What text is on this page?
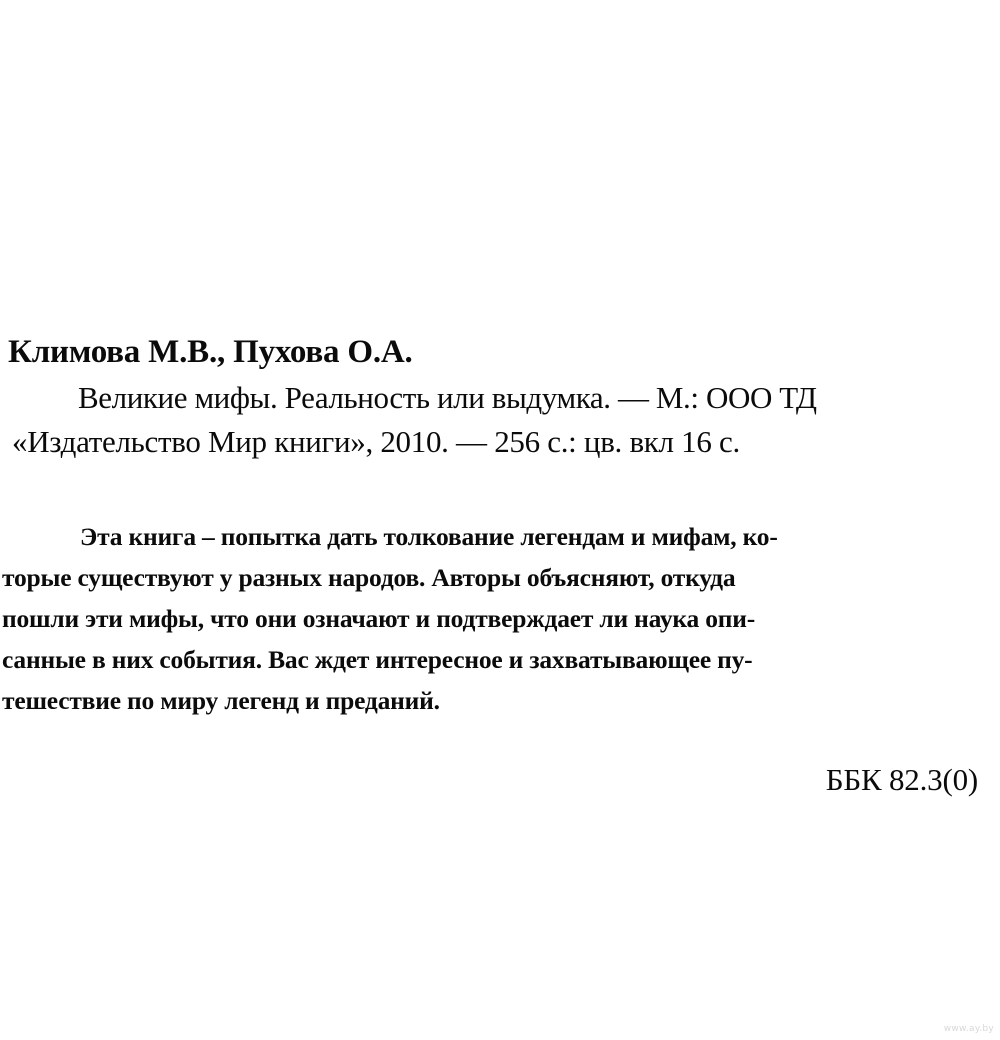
Климова М.В., Пухова О.А.
Великие мифы. Реальность или выдумка. — М.: ООО ТД
«Издательство Мир книги», 2010. — 256 с.: цв. вкл 16 с.
Эта книга – попытка дать толкование легендам и мифам, ко-
торые существуют у разных народов. Авторы объясняют, откуда
пошли эти мифы, что они означают и подтверждает ли наука опи-
санные в них события. Вас ждет интересное и захватывающее пу-
тешествие по миру легенд и преданий.
ББК 82.3(0)
www.ay.by
